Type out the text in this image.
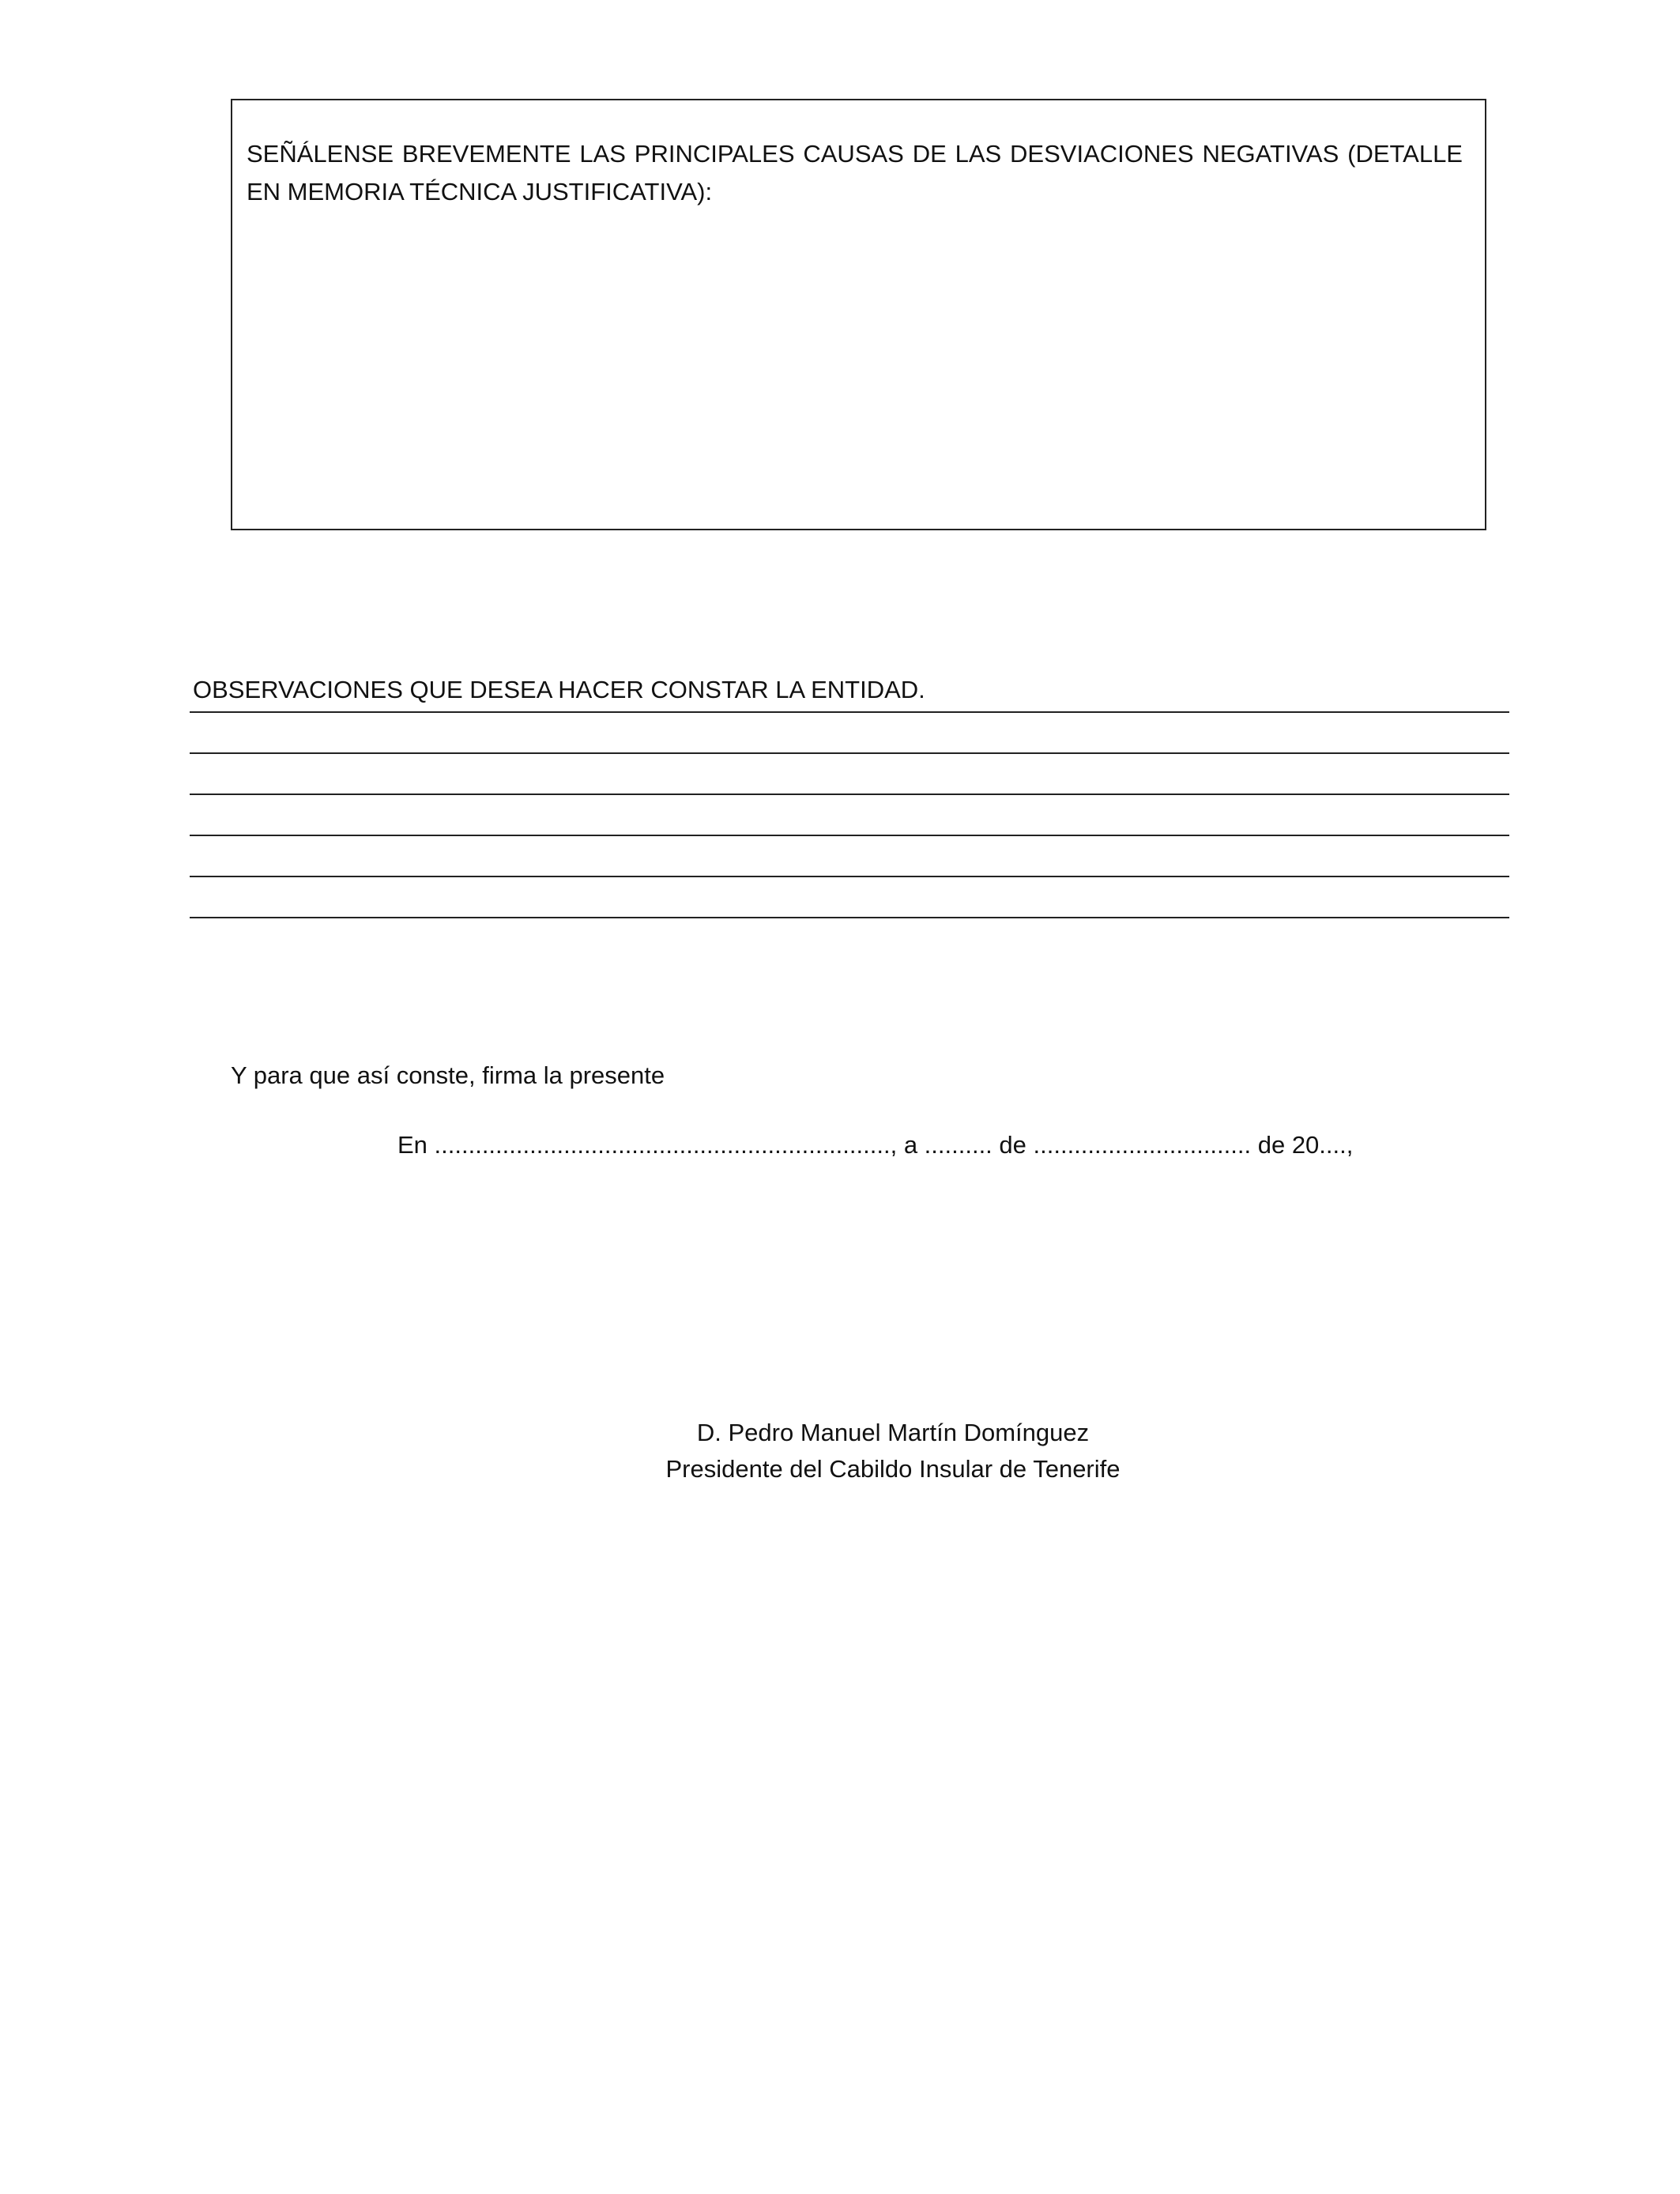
SEÑÁLENSE BREVEMENTE LAS PRINCIPALES CAUSAS DE LAS DESVIACIONES NEGATIVAS (DETALLE EN MEMORIA TÉCNICA JUSTIFICATIVA):
OBSERVACIONES QUE DESEA HACER CONSTAR LA ENTIDAD.
Y para que así conste, firma la presente
En ..................................................................., a .......... de ................................ de 20....,
D. Pedro Manuel Martín Domínguez
Presidente del Cabildo Insular de Tenerife
